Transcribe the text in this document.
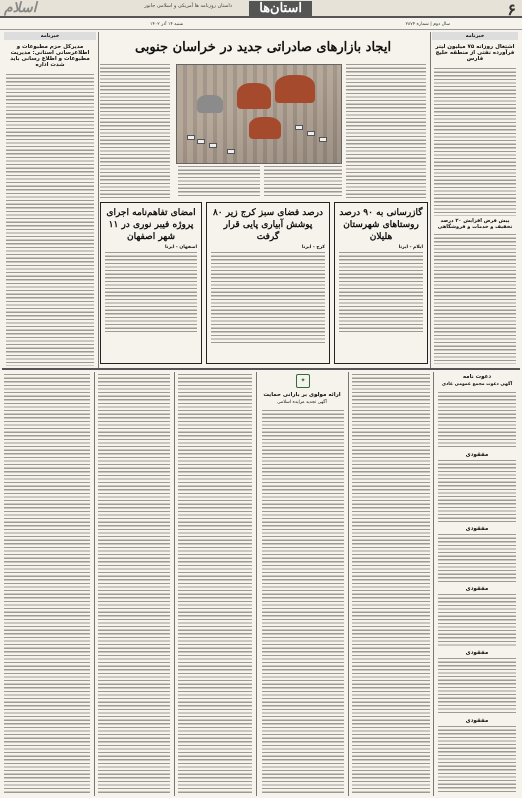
۶
استان‌ها
داستان روزنامه ها آمریکی و اسلامی جانور
اسلام
سال دوم | شماره ۲۸۷۴
شنبه ۱۴ آذر ۱۴۰۲
خبرنامه
اشتغال روزانه ۷۵ میلیون لیتر فرآورده نفتی از منطقه خلیج فارس
پیش فرض افزایش ۲۰ درصد تخفیف و خدمات و فروشگاهی
ایجاد بازارهای صادراتی جدید در خراسان جنوبی
خبرنامه
مدیرکل حزم مطبوعات و اطلاعرسانی استانی: مدیریت مطبوعات و اطلاع رسانی باید شدت اداره
گازرسانی به ۹۰ درصد روستاهای شهرستان هلیلان
ایلام - ایرنا
۸۰ درصد فضای سبز کرج زیر پوشش آبیاری پایی قرار گرفت
کرج - ایرنا
امضای تفاهم‌نامه اجرای پروژه فیبر نوری در ۱۱ شهر اصفهان
اصفهان - ایرنا
دعوت نامه
آگهی دعوت مجمع عمومی عادی
مفقودی
مفقودی
مفقودی
مفقودی
مفقودی
✦
ارائه مولوی بر بارانی حمایت
آگهی تجدید مزایده اسلامی
